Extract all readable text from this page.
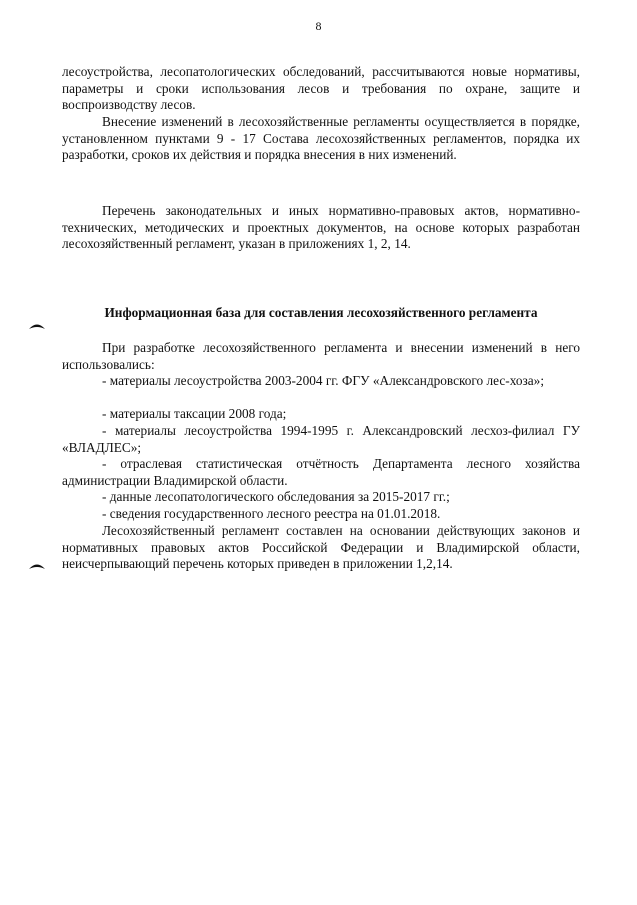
8
лесоустройства, лесопатологических обследований, рассчитываются новые нормативы, параметры и сроки использования лесов и требования по охране, защите и воспроизводству лесов.
Внесение изменений в лесохозяйственные регламенты осуществляется в порядке, установленном пунктами 9 - 17 Состава лесохозяйственных регламентов, порядка их разработки, сроков их действия и порядка внесения в них изменений.
Перечень законодательных и иных нормативно-правовых актов, нормативно-технических, методических и проектных документов, на основе которых разработан лесохозяйственный регламент, указан в приложениях 1, 2, 14.
Информационная база для составления лесохозяйственного регламента
При разработке лесохозяйственного регламента и внесении изменений в него использовались:
- материалы лесоустройства 2003-2004 гг. ФГУ «Александровского лес-хоза»;
- материалы таксации 2008 года;
- материалы лесоустройства 1994-1995 г. Александровский лесхоз-филиал ГУ «ВЛАДЛЕС»;
- отраслевая статистическая отчётность Департамента лесного хозяйства администрации Владимирской области.
- данные лесопатологического обследования за 2015-2017 гг.;
- сведения государственного лесного реестра на 01.01.2018.
Лесохозяйственный регламент составлен на основании действующих законов и нормативных правовых актов Российской Федерации и Владимирской области, неисчерпывающий перечень которых приведен в приложении 1,2,14.
